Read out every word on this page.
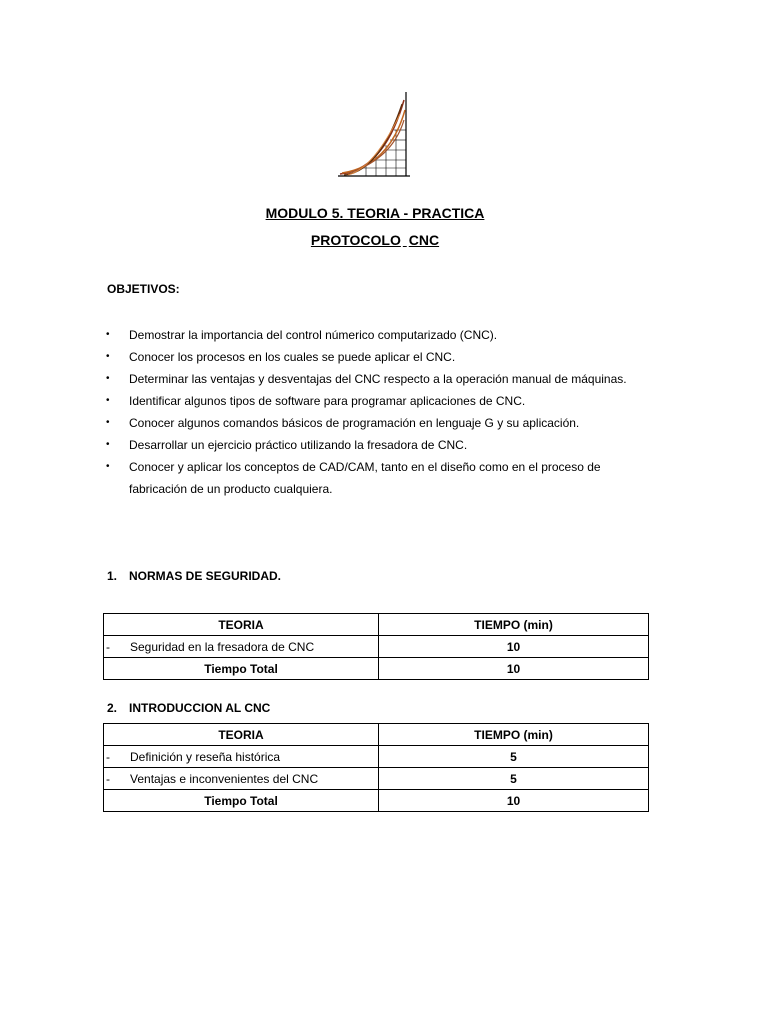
MODULO 5. TEORIA - PRACTICA
PROTOCOLO CNC
OBJETIVOS:
• Demostrar la importancia del control númerico computarizado (CNC).
• Conocer los procesos en los cuales se puede aplicar el CNC.
• Determinar las ventajas y desventajas del CNC respecto a la operación manual de máquinas.
• Identificar algunos tipos de software para programar aplicaciones de CNC.
• Conocer algunos comandos básicos de programación en lenguaje G y su aplicación.
• Desarrollar un ejercicio práctico utilizando la fresadora de CNC.
• Conocer y aplicar los conceptos de CAD/CAM, tanto en el diseño como en el proceso de fabricación de un producto cualquiera.
1. NORMAS DE SEGURIDAD.
TEORIA	TIEMPO (min)
- Seguridad en la fresadora de CNC	10
Tiempo Total	10
2. INTRODUCCION AL CNC
TEORIA	TIEMPO (min)
- Definición y reseña histórica	5
- Ventajas e inconvenientes del CNC	5
Tiempo Total	10
